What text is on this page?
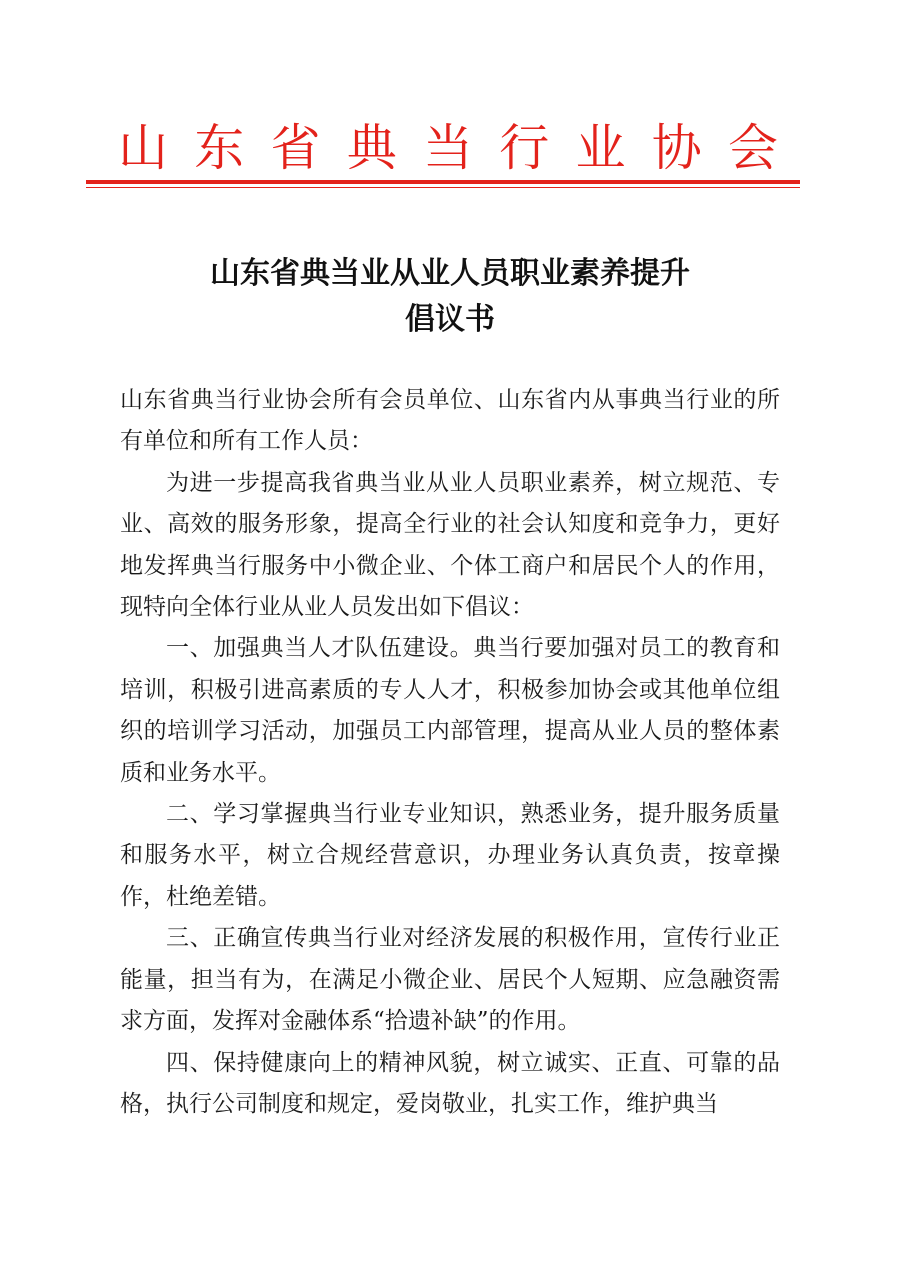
山 东 省 典 当 行 业 协 会
山东省典当业从业人员职业素养提升
倡议书

山东省典当行业协会所有会员单位、山东省内从事典当行业的所有单位和所有工作人员：

为进一步提高我省典当业从业人员职业素养，树立规范、专业、高效的服务形象，提高全行业的社会认知度和竞争力，更好地发挥典当行服务中小微企业、个体工商户和居民个人的作用，现特向全体行业从业人员发出如下倡议：

一、加强典当人才队伍建设。典当行要加强对员工的教育和培训，积极引进高素质的专人人才，积极参加协会或其他单位组织的培训学习活动，加强员工内部管理，提高从业人员的整体素质和业务水平。

二、学习掌握典当行业专业知识，熟悉业务，提升服务质量和服务水平，树立合规经营意识，办理业务认真负责，按章操作，杜绝差错。

三、正确宣传典当行业对经济发展的积极作用，宣传行业正能量，担当有为，在满足小微企业、居民个人短期、应急融资需求方面，发挥对金融体系“拾遗补缺”的作用。

四、保持健康向上的精神风貌，树立诚实、正直、可靠的品格，执行公司制度和规定，爱岗敬业，扎实工作，维护典当
